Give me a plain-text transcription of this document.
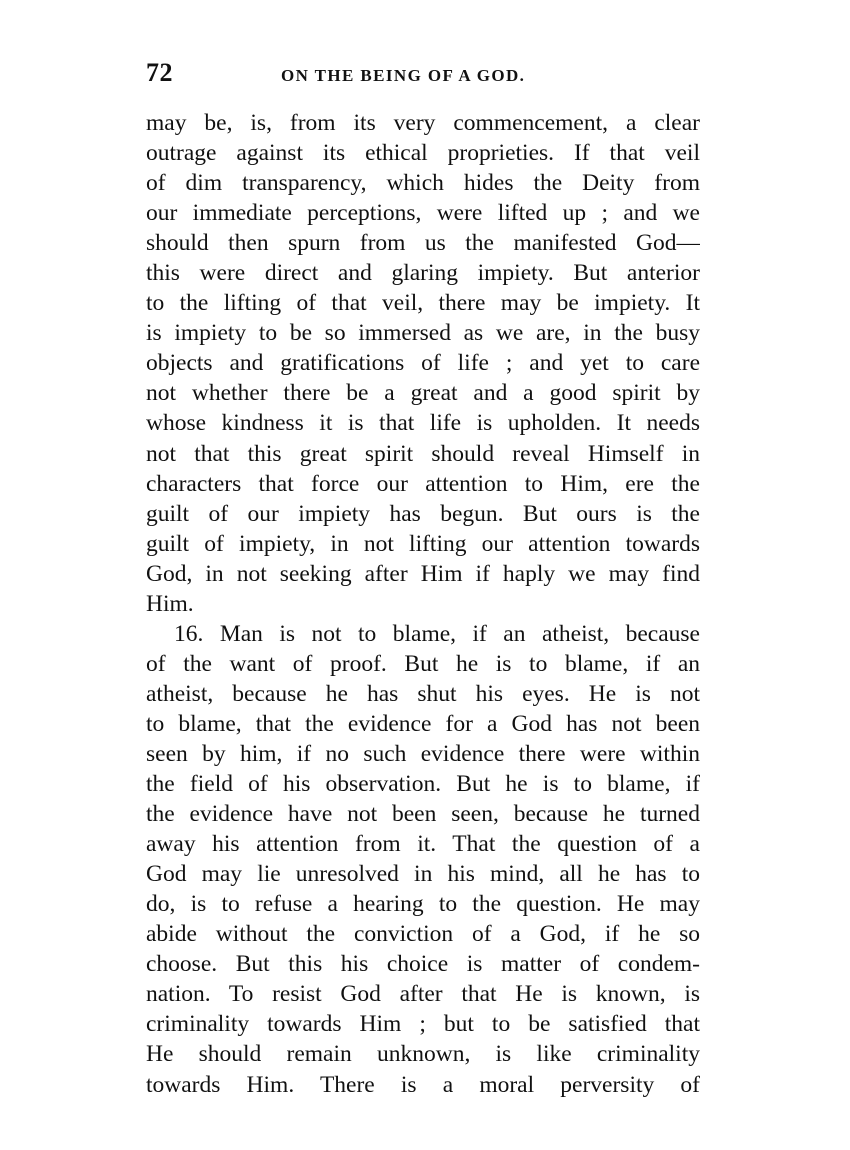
72	ON THE BEING OF A GOD.
may be, is, from its very commencement, a clear
outrage against its ethical proprieties. If that veil
of dim transparency, which hides the Deity from
our immediate perceptions, were lifted up ; and we
should then spurn from us the manifested God—
this were direct and glaring impiety. But anterior
to the lifting of that veil, there may be impiety. It
is impiety to be so immersed as we are, in the busy
objects and gratifications of life ; and yet to care
not whether there be a great and a good spirit by
whose kindness it is that life is upholden. It needs
not that this great spirit should reveal Himself in
characters that force our attention to Him, ere the
guilt of our impiety has begun. But ours is the
guilt of impiety, in not lifting our attention towards
God, in not seeking after Him if haply we may find
Him.
16. Man is not to blame, if an atheist, because
of the want of proof. But he is to blame, if an
atheist, because he has shut his eyes. He is not
to blame, that the evidence for a God has not been
seen by him, if no such evidence there were within
the field of his observation. But he is to blame, if
the evidence have not been seen, because he turned
away his attention from it. That the question of a
God may lie unresolved in his mind, all he has to
do, is to refuse a hearing to the question. He may
abide without the conviction of a God, if he so
choose. But this his choice is matter of condem-
nation. To resist God after that He is known, is
criminality towards Him ; but to be satisfied that
He should remain unknown, is like criminality
towards Him. There is a moral perversity of
